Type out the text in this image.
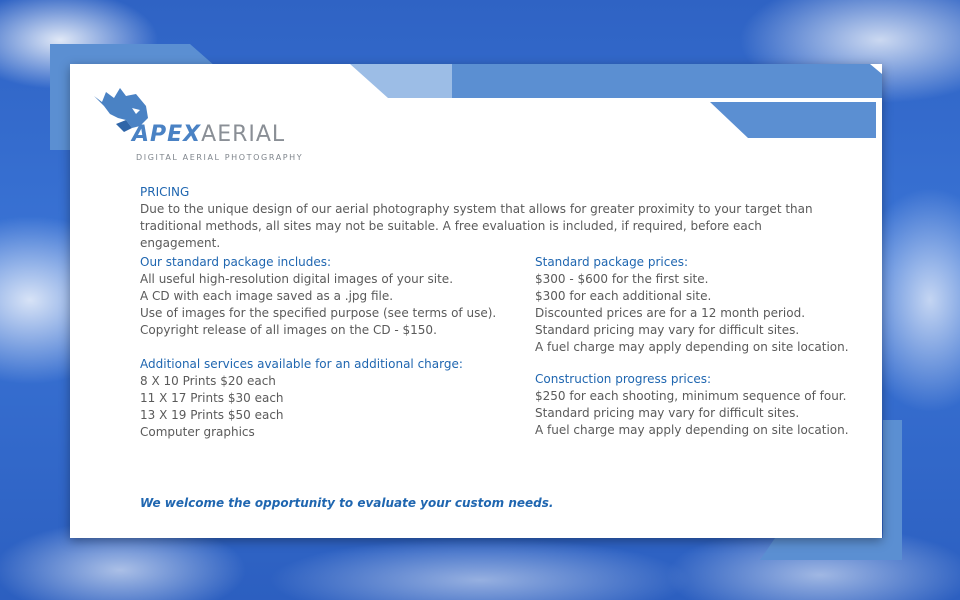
APEXAERIAL
DIGITAL AERIAL PHOTOGRAPHY

PRICING

Due to the unique design of our aerial photography system that allows for greater proximity to your target than traditional methods, all sites may not be suitable. A free evaluation is included, if required, before each engagement.

Our standard package includes:
All useful high-resolution digital images of your site.
A CD with each image saved as a .jpg file.
Use of images for the specified purpose (see terms of use).
Copyright release of all images on the CD - $150.
Additional services available for an additional charge:
8 X 10 Prints $20 each
11 X 17 Prints $30 each
13 X 19 Prints $50 each
Computer graphics
Standard package prices:
$300 - $600 for the first site.
$300 for each additional site.
Discounted prices are for a 12 month period.
Standard pricing may vary for difficult sites.
A fuel charge may apply depending on site location.
Construction progress prices:
$250 for each shooting, minimum sequence of four.
Standard pricing may vary for difficult sites.
A fuel charge may apply depending on site location.

We welcome the opportunity to evaluate your custom needs.
